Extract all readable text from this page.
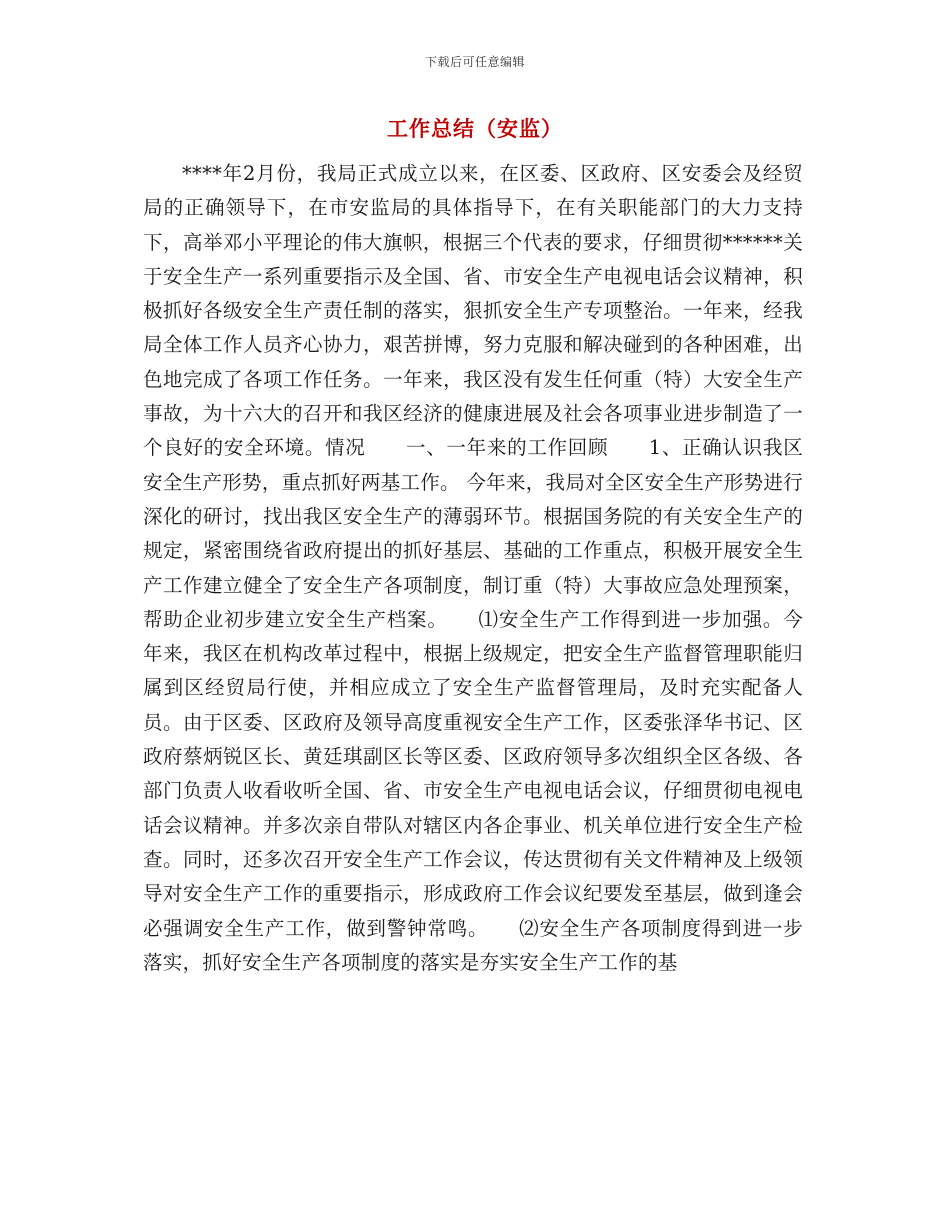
下载后可任意编辑
工作总结（安监）
****年2月份，我局正式成立以来，在区委、区政府、区安委会及经贸局的正确领导下，在市安监局的具体指导下，在有关职能部门的大力支持下，高举邓小平理论的伟大旗帜，根据三个代表的要求，仔细贯彻******关于安全生产一系列重要指示及全国、省、市安全生产电视电话会议精神，积极抓好各级安全生产责任制的落实，狠抓安全生产专项整治。一年来，经我局全体工作人员齐心协力，艰苦拼博，努力克服和解决碰到的各种困难，出色地完成了各项工作任务。一年来，我区没有发生任何重（特）大安全生产事故，为十六大的召开和我区经济的健康进展及社会各项事业进步制造了一个良好的安全环境。情况　　一、一年来的工作回顾　　1、正确认识我区安全生产形势，重点抓好两基工作。 今年来，我局对全区安全生产形势进行深化的研讨，找出我区安全生产的薄弱环节。根据国务院的有关安全生产的规定，紧密围绕省政府提出的抓好基层、基础的工作重点，积极开展安全生产工作建立健全了安全生产各项制度，制订重（特）大事故应急处理预案，帮助企业初步建立安全生产档案。　　⑴安全生产工作得到进一步加强。今年来，我区在机构改革过程中，根据上级规定，把安全生产监督管理职能归属到区经贸局行使，并相应成立了安全生产监督管理局，及时充实配备人员。由于区委、区政府及领导高度重视安全生产工作，区委张泽华书记、区政府蔡炳锐区长、黄廷琪副区长等区委、区政府领导多次组织全区各级、各部门负责人收看收听全国、省、市安全生产电视电话会议，仔细贯彻电视电话会议精神。并多次亲自带队对辖区内各企事业、机关单位进行安全生产检查。同时，还多次召开安全生产工作会议，传达贯彻有关文件精神及上级领导对安全生产工作的重要指示，形成政府工作会议纪要发至基层，做到逢会必强调安全生产工作，做到警钟常鸣。　　⑵安全生产各项制度得到进一步落实，抓好安全生产各项制度的落实是夯实安全生产工作的基
